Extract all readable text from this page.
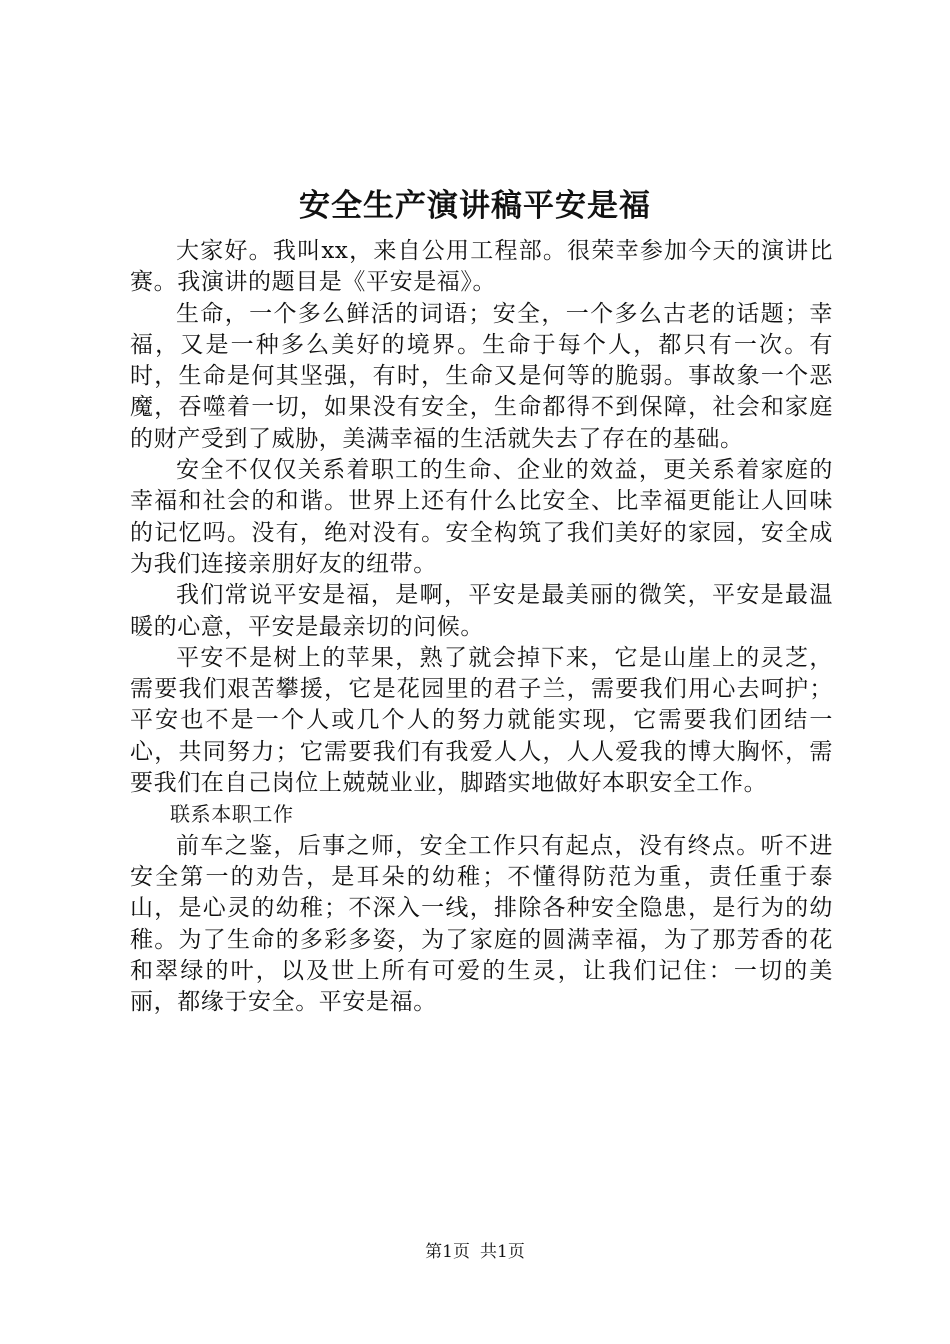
安全生产演讲稿平安是福

大家好。我叫xx，来自公用工程部。很荣幸参加今天的演讲比赛。我演讲的题目是《平安是福》。

生命，一个多么鲜活的词语；安全，一个多么古老的话题；幸福，又是一种多么美好的境界。生命于每个人，都只有一次。有时，生命是何其坚强，有时，生命又是何等的脆弱。事故象一个恶魔，吞噬着一切，如果没有安全，生命都得不到保障，社会和家庭的财产受到了威胁，美满幸福的生活就失去了存在的基础。

安全不仅仅关系着职工的生命、企业的效益，更关系着家庭的幸福和社会的和谐。世界上还有什么比安全、比幸福更能让人回味的记忆吗。没有，绝对没有。安全构筑了我们美好的家园，安全成为我们连接亲朋好友的纽带。

我们常说平安是福，是啊，平安是最美丽的微笑，平安是最温暖的心意，平安是最亲切的问候。

平安不是树上的苹果，熟了就会掉下来，它是山崖上的灵芝，需要我们艰苦攀援，它是花园里的君子兰，需要我们用心去呵护；平安也不是一个人或几个人的努力就能实现，它需要我们团结一心，共同努力；它需要我们有我爱人人，人人爱我的博大胸怀，需要我们在自己岗位上兢兢业业，脚踏实地做好本职安全工作。

联系本职工作

前车之鉴，后事之师，安全工作只有起点，没有终点。听不进安全第一的劝告，是耳朵的幼稚；不懂得防范为重，责任重于泰山，是心灵的幼稚；不深入一线，排除各种安全隐患，是行为的幼稚。为了生命的多彩多姿，为了家庭的圆满幸福，为了那芳香的花和翠绿的叶，以及世上所有可爱的生灵，让我们记住：一切的美丽，都缘于安全。平安是福。

第1页 共1页
